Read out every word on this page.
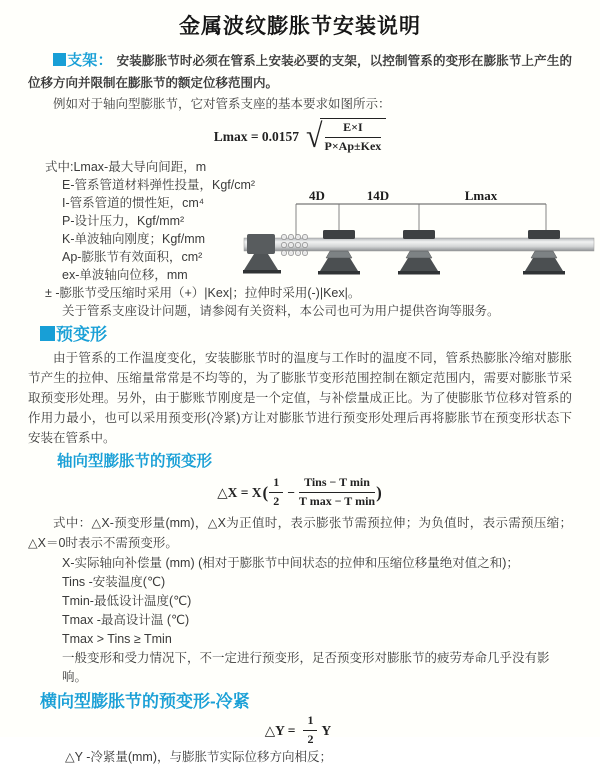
金属波纹膨胀节安装说明

支架： 安装膨胀节时必须在管系上安装必要的支架，以控制管系的变形在膨胀节上产生的位移方向并限制在膨胀节的额定位移范围内。

例如对于轴向型膨胀节，它对管系支座的基本要求如图所示：

Lmax = 0.0157 √ $\frac{E\times I}{\text{P×Ap±Kex}}$
式中:Lmax-最大导向间距，m
E-管系管道材料弹性投量，Kgf/cm²
I-管系管道的惯性矩，cm⁴
P-设计压力，Kgf/mm²
K-单波轴向刚度；Kgf/mm
Ap-膨胀节有效面积，cm²
ex-单波轴向位移，mm
± -膨胀节受压缩时采用（+）|Kex|；拉伸时采用(-)|Kex|。
关于管系支座设计问题，请参阅有关资料，本公司也可为用户提供咨询等服务。
预变形

由于管系的工作温度变化，安装膨胀节时的温度与工作时的温度不同，管系热膨胀冷缩对膨胀节产生的拉伸、压缩量常常是不均等的，为了膨胀节变形范围控制在额定范围内，需要对膨胀节采取预变形处理。另外，由于膨账节刚度是一个定值，与补偿量成正比。为了使膨胀节位移对管系的作用力最小，也可以采用预变形(冷紧)方让对膨胀节进行预变形处理后再将膨胀节在预变形状态下安装在管系中。

轴向型膨胀节的预变形
△X = X ( $\frac{1}{2} - \frac{\text{Tins − T min}}{\text{T max − T min}}$ )

式中：△X-预变形量(mm)，△X为正值时，表示膨张节需预拉伸；为负值时，表示需预压缩；△X＝0时表示不需预变形。

X-实际轴向补偿量 (mm) (相对于膨胀节中间状态的拉伸和压缩位移量绝对值之和)；
Tins -安装温度(℃)
Tmin-最低设计温度(℃)
Tmax -最高设计温 (℃)
Tmax > Tins ≥ Tmin
一般变形和受力情况下，不一定进行预变形，足否预变形对膨胀节的疲劳寿命几乎没有影响。
横向型膨胀节的预变形-冷紧
△Y = $\frac{1}{2}$ Y

△Y -冷紧量(mm)，与膨胀节实际位移方向相反；

4D	14D	Lmax
